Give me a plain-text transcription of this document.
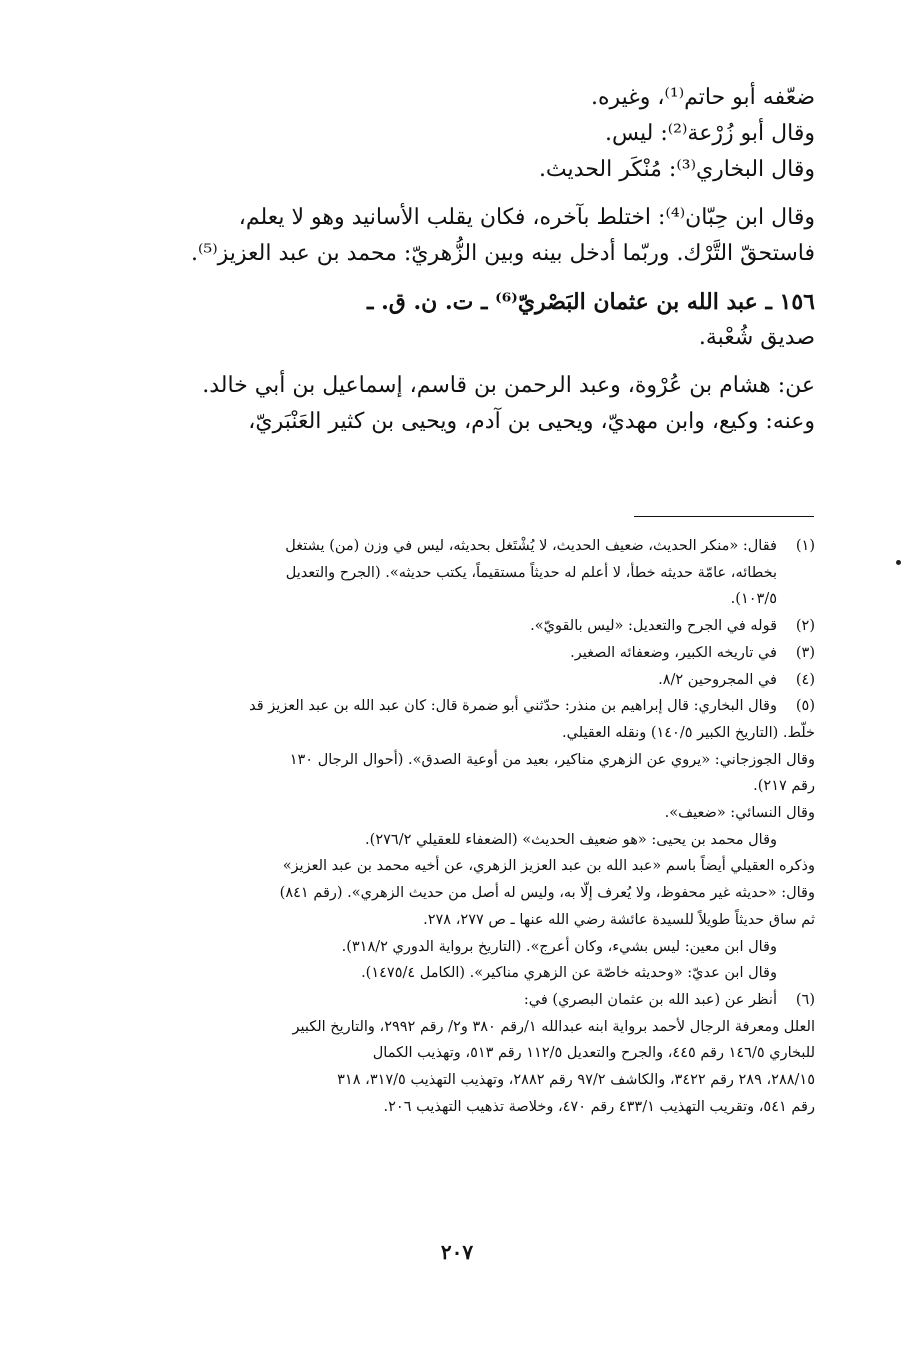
ضعّفه أبو حاتم⁽¹⁾، وغيره.
وقال أبو زُرْعة⁽²⁾: ليس.
وقال البخاري⁽³⁾: مُنْكَر الحديث.
وقال ابن حِبّان⁽⁴⁾: اختلط بآخره، فكان يقلب الأسانيد وهو لا يعلم،
فاستحقّ التَّرْك. وربّما أدخل بينه وبين الزُّهريّ: محمد بن عبد العزيز⁽⁵⁾.
١٥٦ ـ عبد الله بن عثمان البَصْريّ⁽⁶⁾ ـ ت. ن. ق. ـ
صديق شُعْبة.
عن: هشام بن عُرْوة، وعبد الرحمن بن قاسم، إسماعيل بن أبي خالد.
وعنه: وكيع، وابن مهديّ، ويحيى بن آدم، ويحيى بن كثير العَنْبَريّ،
(١)
فقال: «منكر الحديث، ضعيف الحديث، لا يُشْتَغل بحديثه، ليس في وزن (من) يشتغل
بخطائه، عامّة حديثه خطأ، لا أعلم له حديثاً مستقيماً، يكتب حديثه». (الجرح والتعديل
١٠٣/٥).
(٢)
قوله في الجرح والتعديل: «ليس بالقويّ».
(٣)
في تاريخه الكبير، وضعفائه الصغير.
(٤)
في المجروحين ٨/٢.
(٥)
وقال البخاري: قال إبراهيم بن منذر: حدّثني أبو ضمرة قال: كان عبد الله بن عبد العزيز قد
خلّط. (التاريخ الكبير ١٤٠/٥) ونقله العقيلي.
وقال الجوزجاني: «يروي عن الزهري مناكير، بعيد من أوعية الصدق». (أحوال الرجال ١٣٠
رقم ٢١٧).
وقال النسائي: «ضعيف».
وقال محمد بن يحيى: «هو ضعيف الحديث» (الضعفاء للعقيلي ٢٧٦/٢).
وذكره العقيلي أيضاً باسم «عبد الله بن عبد العزيز الزهري، عن أخيه محمد بن عبد العزيز»
وقال: «حديثه غير محفوظ، ولا يُعرف إلّا به، وليس له أصل من حديث الزهري». (رقم ٨٤١)
ثم ساق حديثاً طويلاً للسيدة عائشة رضي الله عنها ـ ص ٢٧٧، ٢٧٨.
وقال ابن معين: ليس بشيء، وكان أعرج». (التاريخ برواية الدوري ٣١٨/٢).
وقال ابن عديّ: «وحديثه خاصّة عن الزهري مناكير». (الكامل ١٤٧٥/٤).
(٦)
أنظر عن (عبد الله بن عثمان البصري) في:
العلل ومعرفة الرجال لأحمد برواية ابنه عبدالله ١/رقم ٣٨٠ و٢/ رقم ٢٩٩٢، والتاريخ الكبير
للبخاري ١٤٦/٥ رقم ٤٤٥، والجرح والتعديل ١١٢/٥ رقم ٥١٣، وتهذيب الكمال
٢٨٨/١٥، ٢٨٩ رقم ٣٤٢٢، والكاشف ٩٧/٢ رقم ٢٨٨٢، وتهذيب التهذيب ٣١٧/٥، ٣١٨
رقم ٥٤١، وتقريب التهذيب ٤٣٣/١ رقم ٤٧٠، وخلاصة تذهيب التهذيب ٢٠٦.
٢٠٧
